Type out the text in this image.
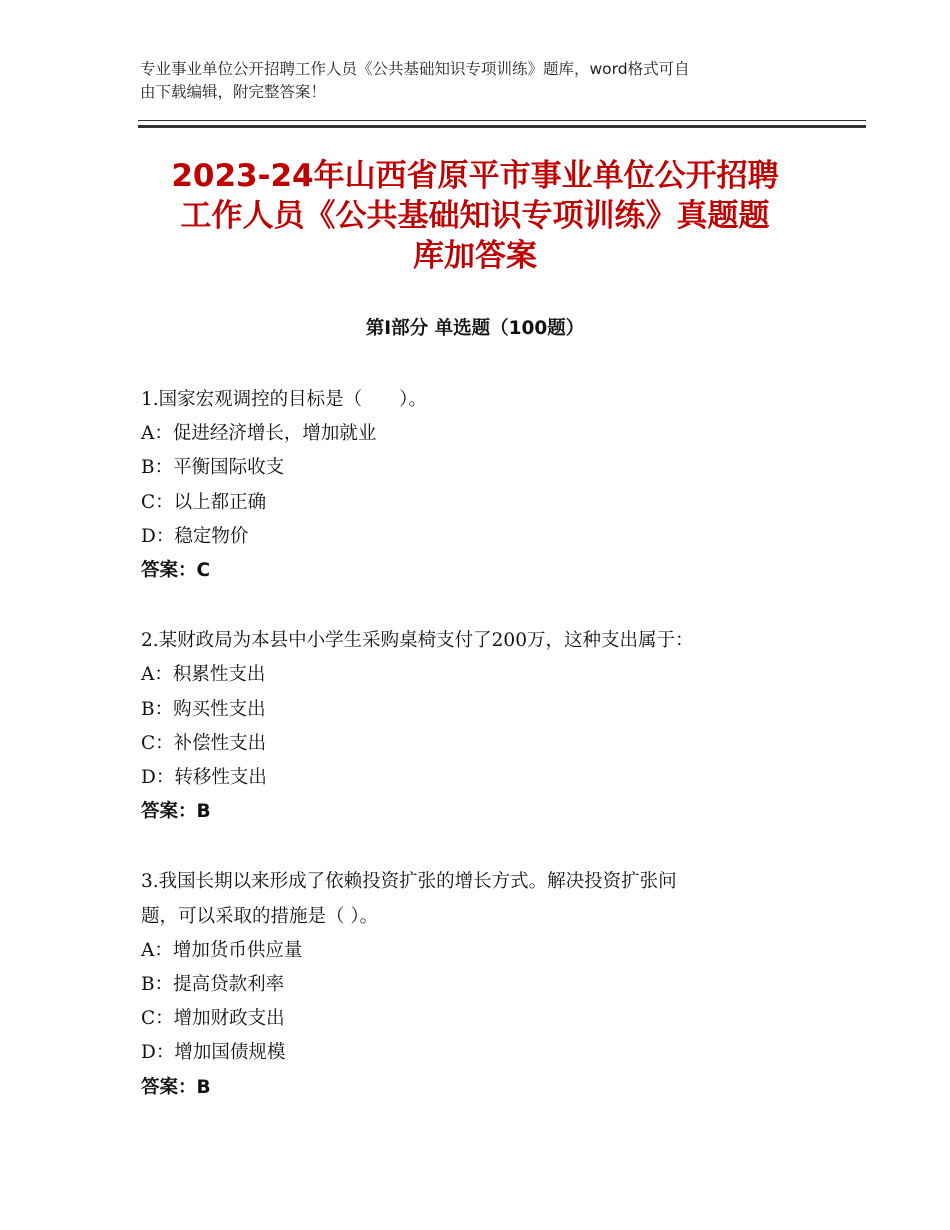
专业事业单位公开招聘工作人员《公共基础知识专项训练》题库，word格式可自

由下载编辑，附完整答案！

2023-24年山西省原平市事业单位公开招聘

工作人员《公共基础知识专项训练》真题题

库加答案

第Ⅰ部分 单选题（100题）

1.国家宏观调控的目标是（　　）。

A：促进经济增长，增加就业

B：平衡国际收支

C：以上都正确

D：稳定物价

答案：C

2.某财政局为本县中小学生采购桌椅支付了200万，这种支出属于：

A：积累性支出

B：购买性支出

C：补偿性支出

D：转移性支出

答案：B

3.我国长期以来形成了依赖投资扩张的增长方式。解决投资扩张问

题，可以采取的措施是（ ）。

A：增加货币供应量

B：提高贷款利率

C：增加财政支出

D：增加国债规模

答案：B
